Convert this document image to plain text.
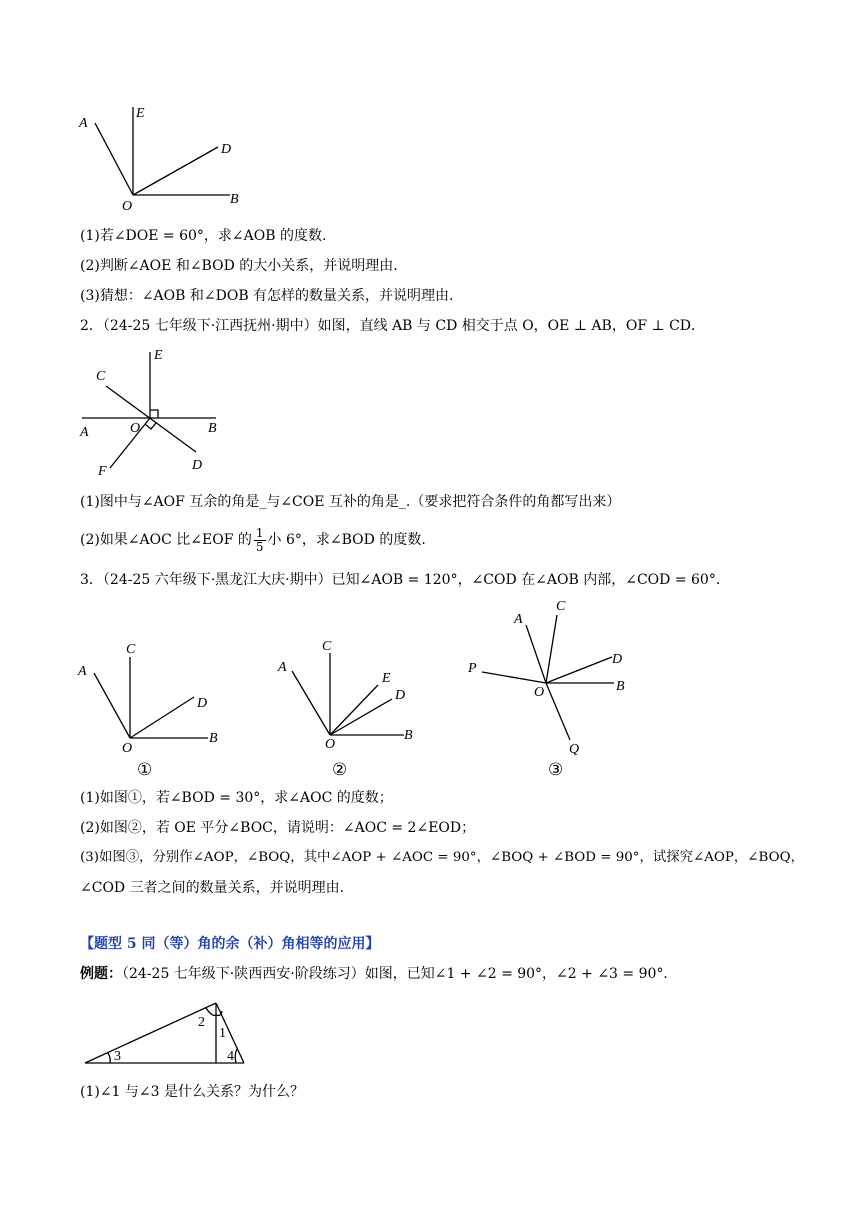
A
E
D
O	B
(1)若∠DOE = 60°，求∠AOB 的度数.
(2)判断∠AOE 和∠BOD 的大小关系，并说明理由.
(3)猜想：∠AOB 和∠DOB 有怎样的数量关系，并说明理由.
2．（24-25 七年级下·江西抚州·期中）如图，直线 AB 与 CD 相交于点 O，OE ⊥ AB，OF ⊥ CD．
E
C
A	O	B
F	D
(1)图中与∠AOF 互余的角是_与∠COE 互补的角是_.（要求把符合条件的角都写出来）
(2)如果∠AOC 比∠EOF 的 $\frac{1}{5}$ 小 6°，求∠BOD 的度数.
3．（24-25 六年级下·黑龙江大庆·期中）已知∠AOB = 120°，∠COD 在∠AOB 内部，∠COD = 60°．
A
C
D
O
B
A
C
E
D
O
B
A
C
D
P
O	B
Q
①	②	③
(1)如图①，若∠BOD = 30°，求∠AOC 的度数；
(2)如图②，若 OE 平分∠BOC，请说明：∠AOC = 2∠EOD；
(3)如图③，分别作∠AOP，∠BOQ，其中∠AOP + ∠AOC = 90°，∠BOQ + ∠BOD = 90°，试探究∠AOP，∠BOQ，
∠COD 三者之间的数量关系，并说明理由.
【题型 5 同（等）角的余（补）角相等的应用】
例题：（24-25 七年级下·陕西西安·阶段练习）如图，已知∠1 + ∠2 = 90°，∠2 + ∠3 = 90°．
2
1
3	4
(1)∠1 与∠3 是什么关系？为什么？
